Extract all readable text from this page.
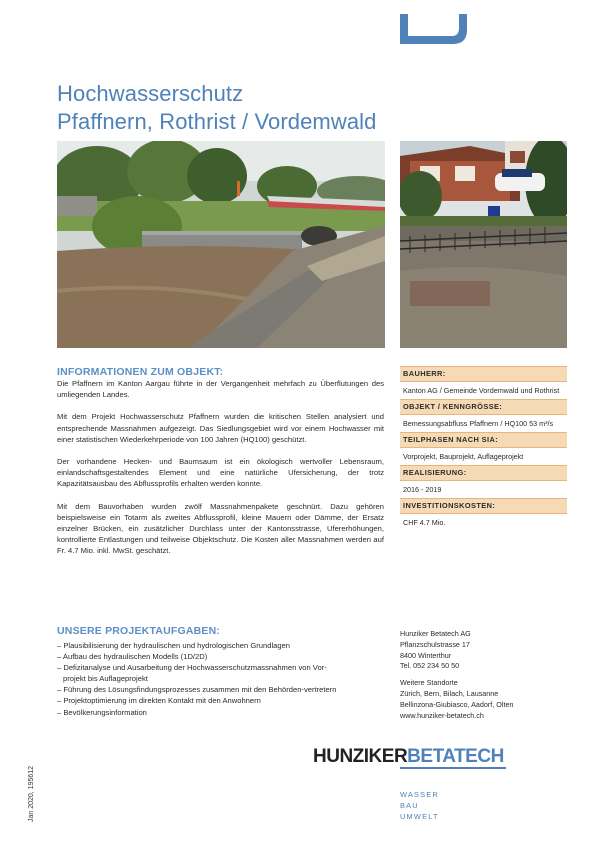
Hochwasserschutz
Pfaffnern, Rothrist / Vordemwald
INFORMATIONEN ZUM OBJEKT:

Die Pfaffnern im Kanton Aargau führte in der Vergangenheit mehrfach zu Überflutungen des umliegenden Landes.

Mit dem Projekt Hochwasserschutz Pfaffnern wurden die kritischen Stellen analysiert und entsprechende Massnahmen aufgezeigt. Das Siedlungsgebiet wird vor einem Hochwasser mit einer statistischen Wiederkehrperiode von 100 Jahren (HQ100) geschützt.

Der vorhandene Hecken- und Baumsaum ist ein ökologisch wertvoller Lebensraum, einlandschaftsgestaltendes Element und eine natürliche Ufersicherung, der trotz Kapazitätsausbau des Abflussprofils erhalten werden konnte.

Mit dem Bauvorhaben wurden zwölf Massnahmenpakete geschnürt. Dazu gehören beispielsweise ein Totarm als zweites Abflussprofil, kleine Mauern oder Dämme, der Ersatz einzelner Brücken, ein zusätzlicher Durchlass unter der Kantonsstrasse, Ufererhöhungen, kontrollierte Entlastungen und teilweise Objektschutz. Die Kosten aller Massnahmen werden auf Fr. 4.7 Mio. inkl. MwSt. geschätzt.

BAUHERR:
Kanton AG / Gemeinde Vordemwald und Rothrist
OBJEKT / KENNGRÖSSE:
Bemessungsabfluss Pfaffnern / HQ100 53 m³/s
TEILPHASEN NACH SIA:
Vorprojekt, Bauprojekt, Auflageprojekt
REALISIERUNG:
2016 - 2019
INVESTITIONSKOSTEN:
CHF 4.7 Mio.
UNSERE PROJEKTAUFGABEN:
– Plausibilisierung der hydraulischen und hydrologischen Grundlagen
– Aufbau des hydraulischen Modells (1D/2D)
– Defizitanalyse und Ausarbeitung der Hochwasserschutzmassnahmen von Vor-
projekt bis Auflageprojekt
– Führung des Lösungsfindungsprozesses zusammen mit den Behörden-vertretern
– Projektoptimierung im direkten Kontakt mit den Anwohnern
– Bevölkerungsinformation
Hunziker Betatech AG
Pflanzschulstrasse 17
8400 Winterthur
Tel. 052 234 50 50
Weitere Standorte
Zürich, Bern, Bilach, Lausanne
Bellinzona-Giubiasco, Aadorf, Olten
www.hunziker-betatech.ch
HUNZIKERBETATECH
WASSER
BAU
UMWELT
Jan 2020, 195612
